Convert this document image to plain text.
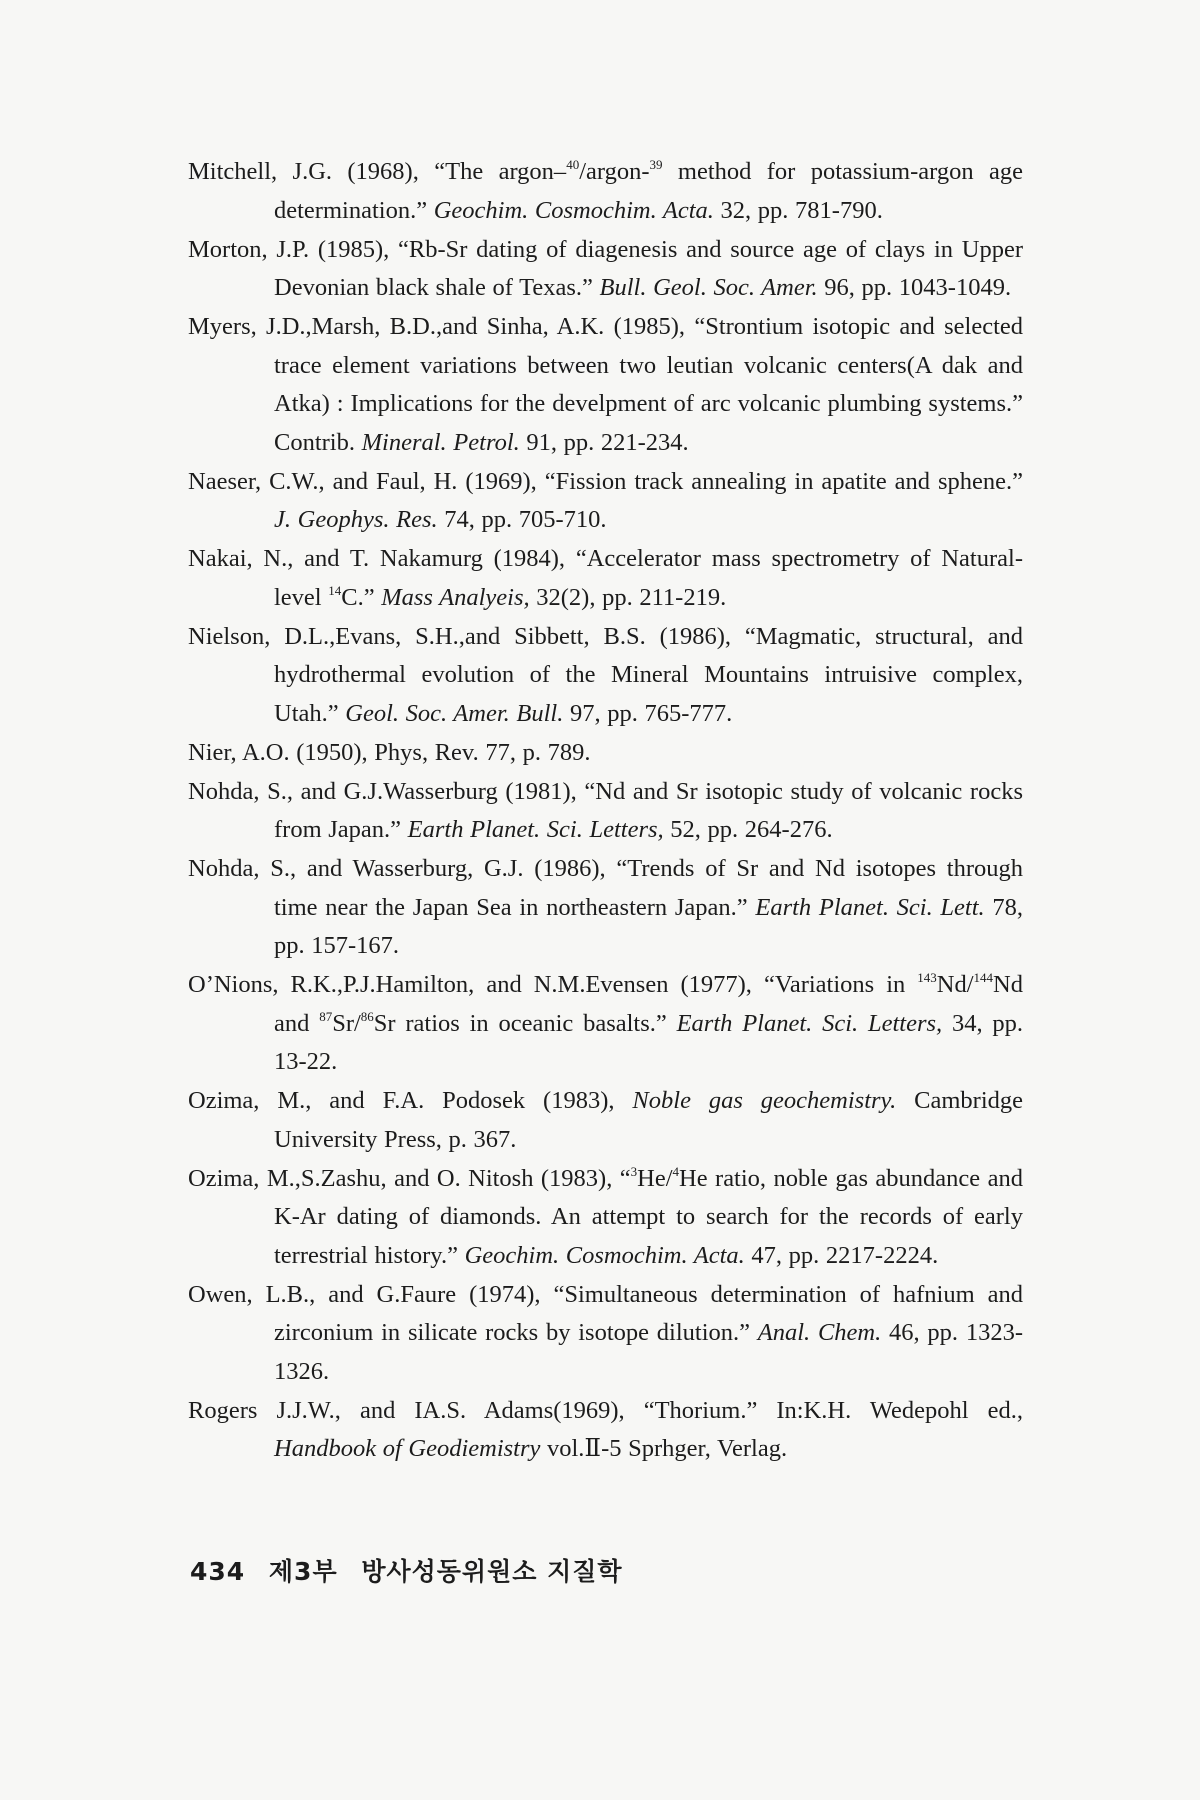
Mitchell, J.G. (1968), “The argon–$^{40}$/argon-$^{39}$ method for potassium-argon age determination.” Geochim. Cosmochim. Acta. 32, pp. 781-790.

Morton, J.P. (1985), “Rb-Sr dating of diagenesis and source age of clays in Upper Devonian black shale of Texas.” Bull. Geol. Soc. Amer. 96, pp. 1043-1049.

Myers, J.D.,Marsh, B.D.,and Sinha, A.K. (1985), “Strontium isotopic and selected trace element variations between two leutian volcanic centers(A dak and Atka) : Implications for the develpment of arc volcanic plumbing systems.” Contrib. Mineral. Petrol. 91, pp. 221-234.

Naeser, C.W., and Faul, H. (1969), “Fission track annealing in apatite and sphene.” J. Geophys. Res. 74, pp. 705-710.

Nakai, N., and T. Nakamurg (1984), “Accelerator mass spectrometry of Natural-level $^{14}$C.” Mass Analyeis, 32(2), pp. 211-219.

Nielson, D.L.,Evans, S.H.,and Sibbett, B.S. (1986), “Magmatic, structural, and hydrothermal evolution of the Mineral Mountains intruisive complex, Utah.” Geol. Soc. Amer. Bull. 97, pp. 765-777.

Nier, A.O. (1950), Phys, Rev. 77, p. 789.

Nohda, S., and G.J.Wasserburg (1981), “Nd and Sr isotopic study of volcanic rocks from Japan.” Earth Planet. Sci. Letters, 52, pp. 264-276.

Nohda, S., and Wasserburg, G.J. (1986), “Trends of Sr and Nd isotopes through time near the Japan Sea in northeastern Japan.” Earth Planet. Sci. Lett. 78, pp. 157-167.

O’Nions, R.K.,P.J.Hamilton, and N.M.Evensen (1977), “Variations in $^{143}$Nd/$^{144}$Nd and $^{87}$Sr/$^{86}$Sr ratios in oceanic basalts.” Earth Planet. Sci. Letters, 34, pp. 13-22.

Ozima, M., and F.A. Podosek (1983), Noble gas geochemistry. Cambridge University Press, p. 367.

Ozima, M.,S.Zashu, and O. Nitosh (1983), “$^3$He/$^4$He ratio, noble gas abundance and K-Ar dating of diamonds. An attempt to search for the records of early terrestrial history.” Geochim. Cosmochim. Acta. 47, pp. 2217-2224.

Owen, L.B., and G.Faure (1974), “Simultaneous determination of hafnium and zirconium in silicate rocks by isotope dilution.” Anal. Chem. 46, pp. 1323-1326.

Rogers J.J.W., and IA.S. Adams(1969), “Thorium.” In:K.H. Wedepohl ed., Handbook of Geodiemistry vol.Ⅱ-5 Sprhger, Verlag.

434 제3부 방사성동위원소 지질학
